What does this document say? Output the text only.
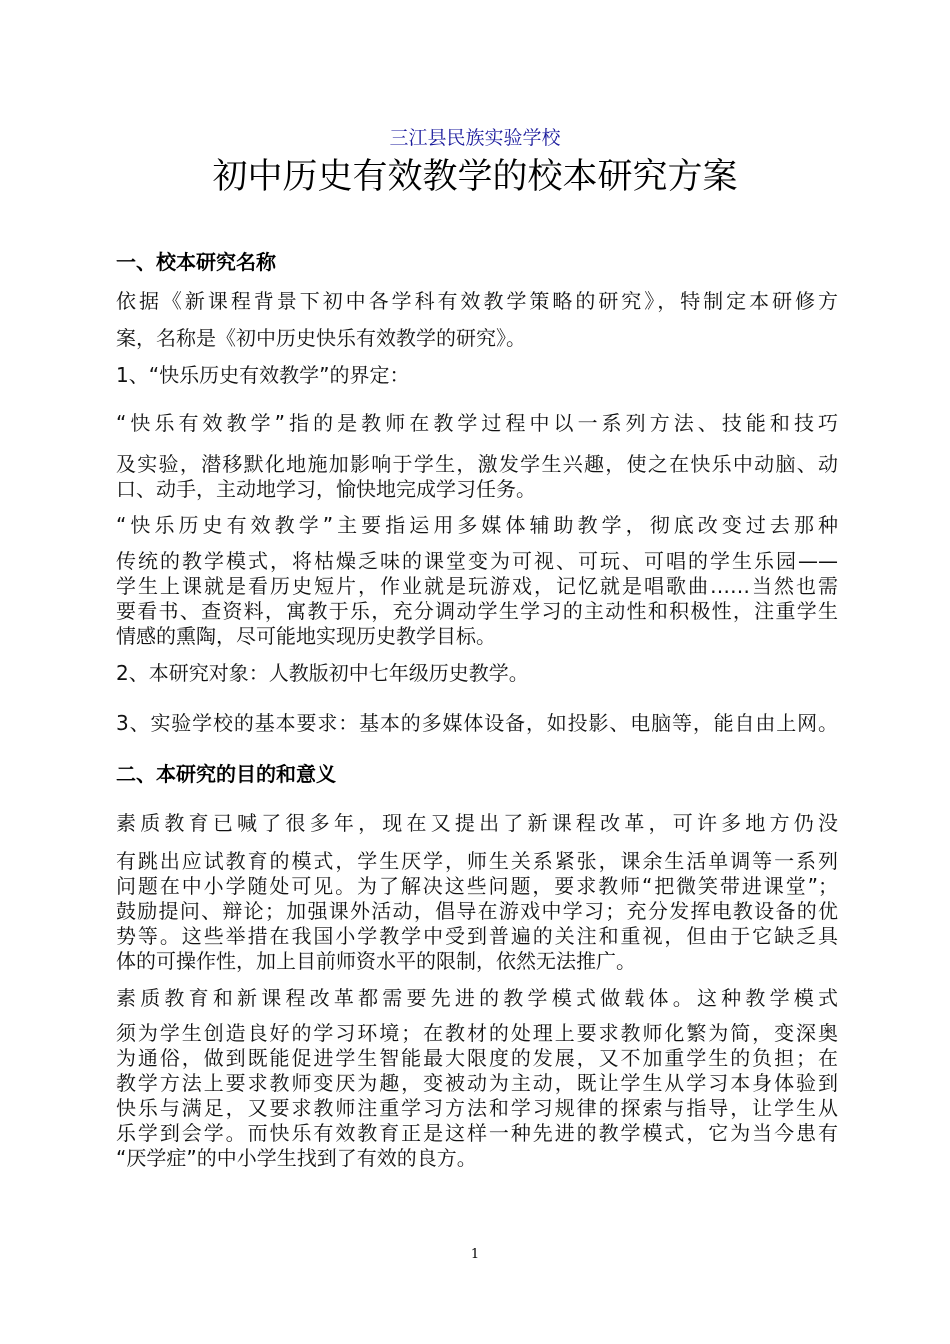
三江县民族实验学校
初中历史有效教学的校本研究方案
一、校本研究名称
依据《新课程背景下初中各学科有效教学策略的研究》，特制定本研修方
案，名称是《初中历史快乐有效教学的研究》。
1、“快乐历史有效教学”的界定：
“快乐有效教学”指的是教师在教学过程中以一系列方法、技能和技巧
及实验，潜移默化地施加影响于学生，激发学生兴趣，使之在快乐中动脑、动
口、动手，主动地学习，愉快地完成学习任务。
“快乐历史有效教学”主要指运用多媒体辅助教学，彻底改变过去那种
传统的教学模式，将枯燥乏味的课堂变为可视、可玩、可唱的学生乐园——
学生上课就是看历史短片，作业就是玩游戏，记忆就是唱歌曲……当然也需
要看书、查资料，寓教于乐，充分调动学生学习的主动性和积极性，注重学生
情感的熏陶，尽可能地实现历史教学目标。
2、本研究对象：人教版初中七年级历史教学。
3、实验学校的基本要求：基本的多媒体设备，如投影、电脑等，能自由上网。
二、本研究的目的和意义
素质教育已喊了很多年，现在又提出了新课程改革，可许多地方仍没
有跳出应试教育的模式，学生厌学，师生关系紧张，课余生活单调等一系列
问题在中小学随处可见。为了解决这些问题，要求教师“把微笑带进课堂”；
鼓励提问、辩论；加强课外活动，倡导在游戏中学习；充分发挥电教设备的优
势等。这些举措在我国小学教学中受到普遍的关注和重视，但由于它缺乏具
体的可操作性，加上目前师资水平的限制，依然无法推广。
素质教育和新课程改革都需要先进的教学模式做载体。这种教学模式
须为学生创造良好的学习环境；在教材的处理上要求教师化繁为简，变深奥
为通俗，做到既能促进学生智能最大限度的发展，又不加重学生的负担；在
教学方法上要求教师变厌为趣，变被动为主动，既让学生从学习本身体验到
快乐与满足，又要求教师注重学习方法和学习规律的探索与指导，让学生从
乐学到会学。而快乐有效教育正是这样一种先进的教学模式，它为当今患有
“厌学症”的中小学生找到了有效的良方。
1
